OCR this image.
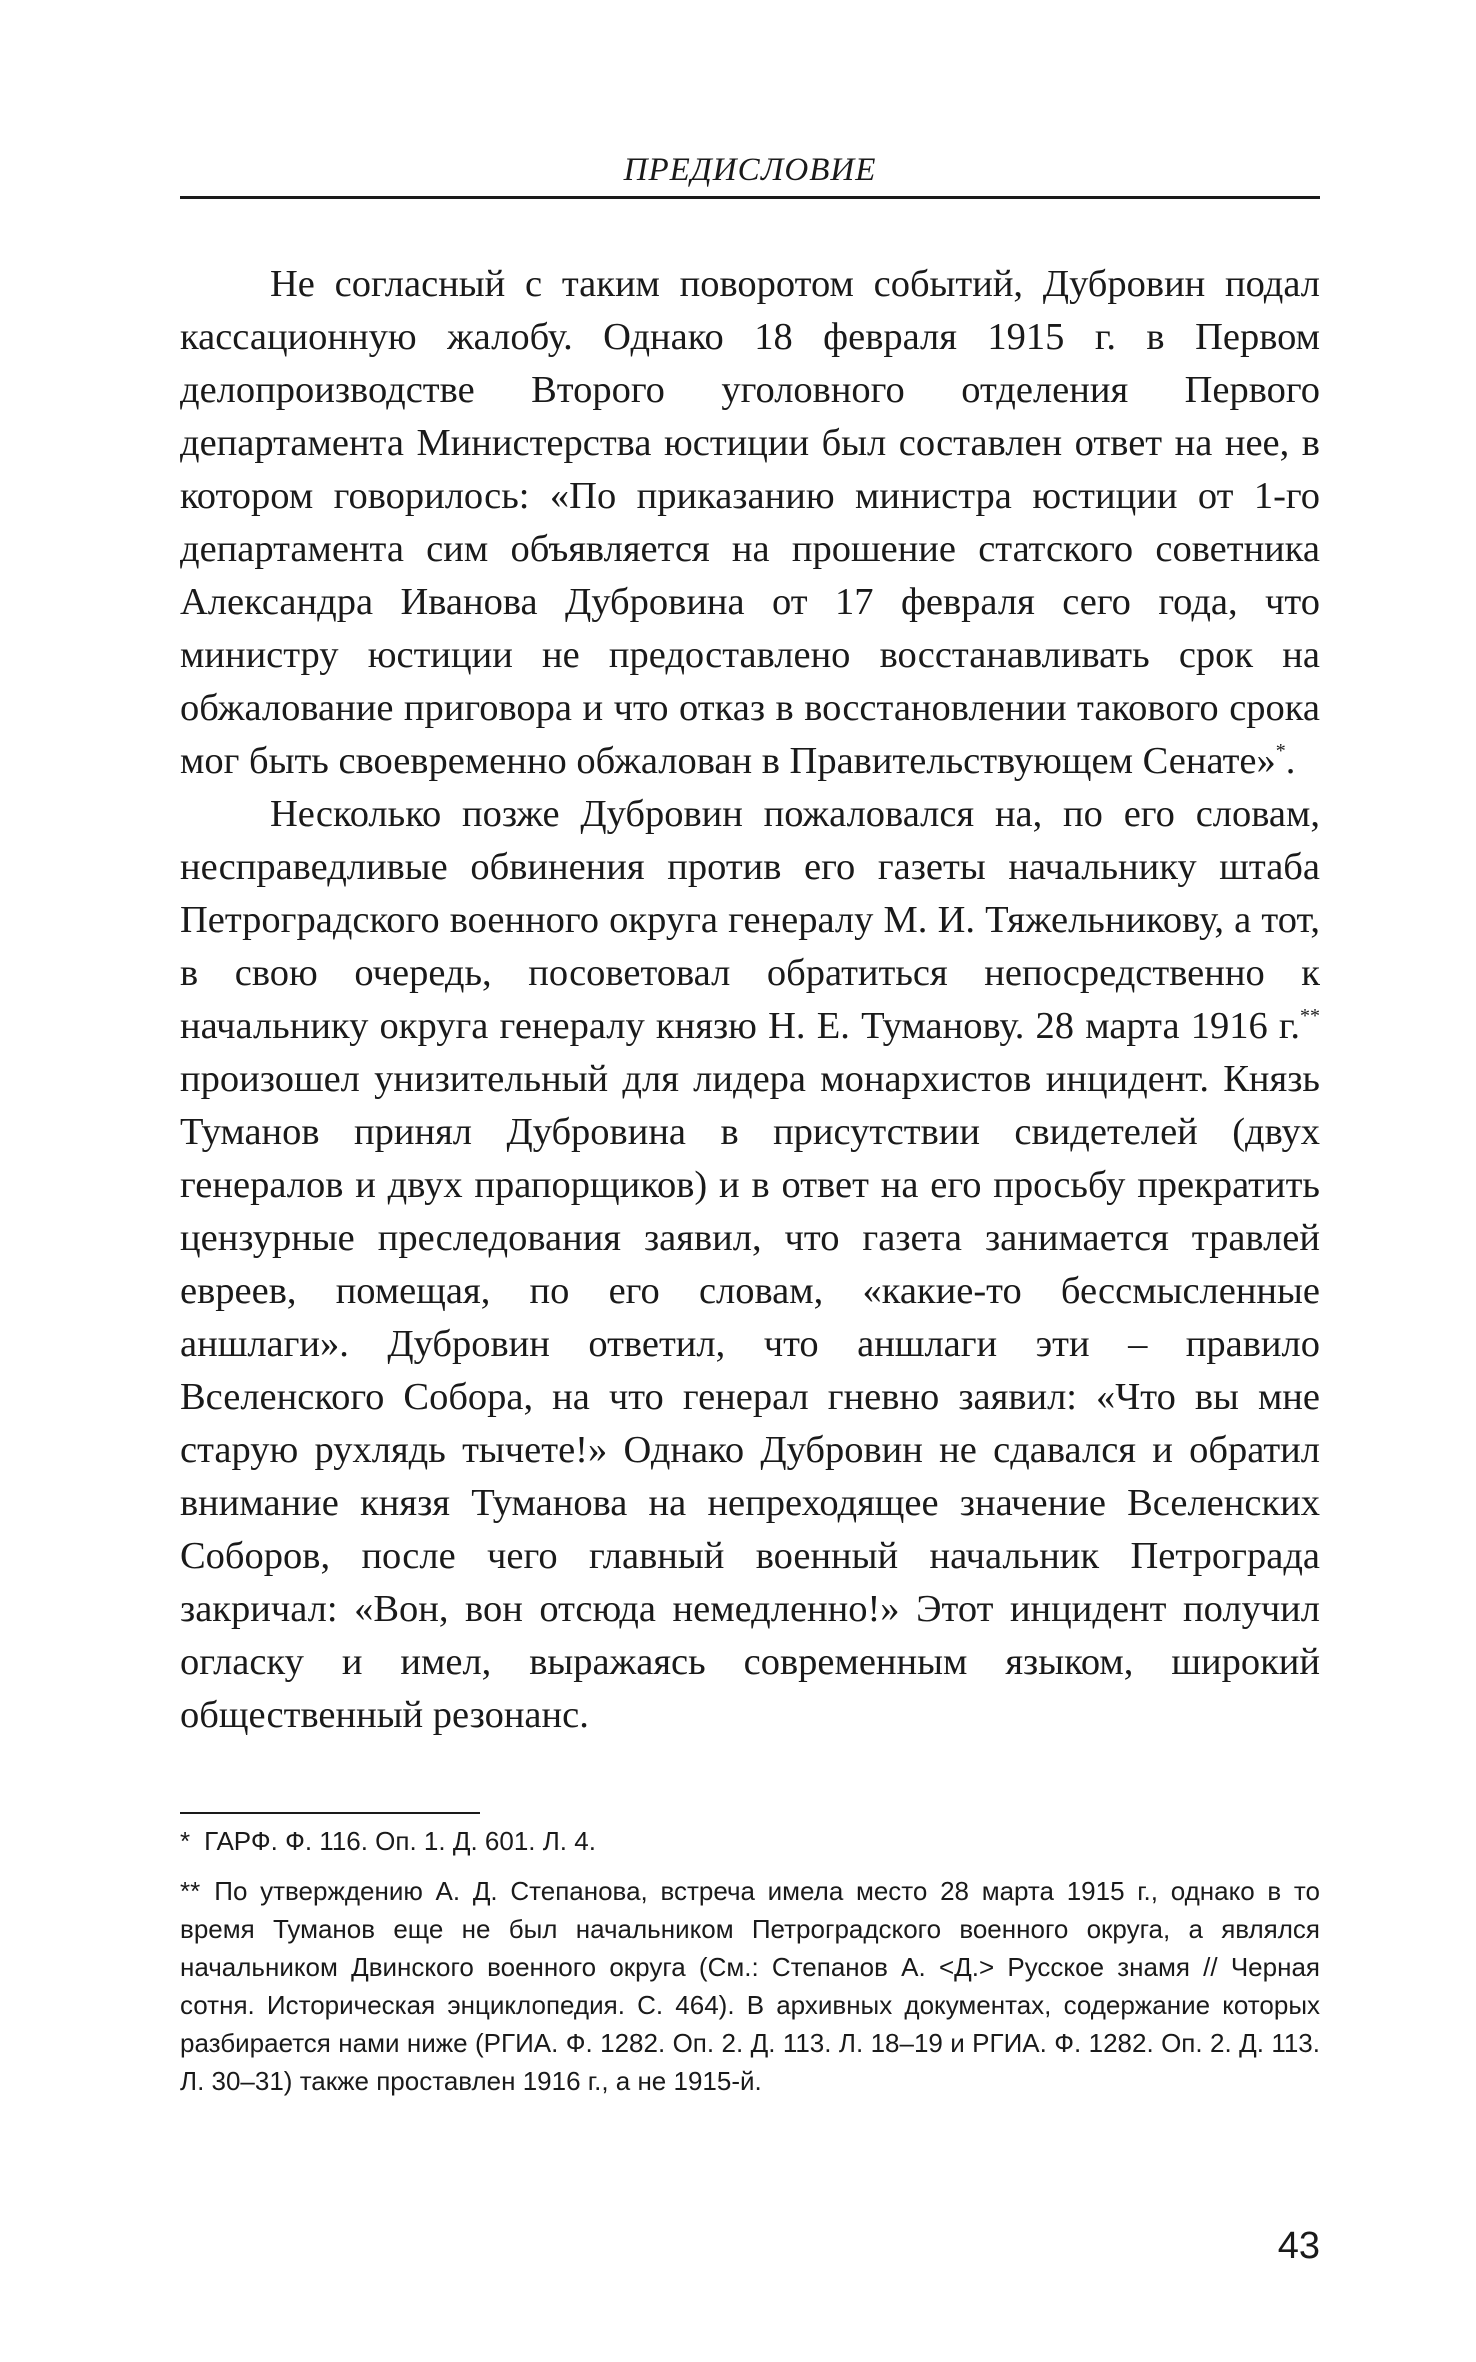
ПРЕДИСЛОВИЕ

Не согласный с таким поворотом событий, Дубровин подал кассационную жалобу. Однако 18 февраля 1915 г. в Первом делопроизводстве Второго уголовного отделения Первого департамента Министерства юстиции был составлен ответ на нее, в котором говорилось: «По приказанию министра юстиции от 1-го департамента сим объявляется на прошение статского советника Александра Иванова Дубровина от 17 февраля сего года, что министру юстиции не предоставлено восстанавливать срок на обжалование приговора и что отказ в восстановлении такового срока мог быть своевременно обжалован в Правительствующем Сенате»*.

Несколько позже Дубровин пожаловался на, по его словам, несправедливые обвинения против его газеты начальнику штаба Петроградского военного округа генералу М. И. Тяжельникову, а тот, в свою очередь, посоветовал обратиться непосредственно к начальнику округа генералу князю Н. Е. Туманову. 28 марта 1916 г.** произошел унизительный для лидера монархистов инцидент. Князь Туманов принял Дубровина в присутствии свидетелей (двух генералов и двух прапорщиков) и в ответ на его просьбу прекратить цензурные преследования заявил, что газета занимается травлей евреев, помещая, по его словам, «какие-то бессмысленные аншлаги». Дубровин ответил, что аншлаги эти – правило Вселенского Собора, на что генерал гневно заявил: «Что вы мне старую рухлядь тычете!» Однако Дубровин не сдавался и обратил внимание князя Туманова на непреходящее значение Вселенских Соборов, после чего главный военный начальник Петрограда закричал: «Вон, вон отсюда немедленно!» Этот инцидент получил огласку и имел, выражаясь современным языком, широкий общественный резонанс.

* ГАРФ. Ф. 116. Оп. 1. Д. 601. Л. 4.

** По утверждению А. Д. Степанова, встреча имела место 28 марта 1915 г., однако в то время Туманов еще не был начальником Петроградского военного округа, а являлся начальником Двинского военного округа (См.: Степанов А. <Д.> Русское знамя // Черная сотня. Историческая энциклопедия. С. 464). В архивных документах, содержание которых разбирается нами ниже (РГИА. Ф. 1282. Оп. 2. Д. 113. Л. 18–19 и РГИА. Ф. 1282. Оп. 2. Д. 113. Л. 30–31) также проставлен 1916 г., а не 1915-й.

43
